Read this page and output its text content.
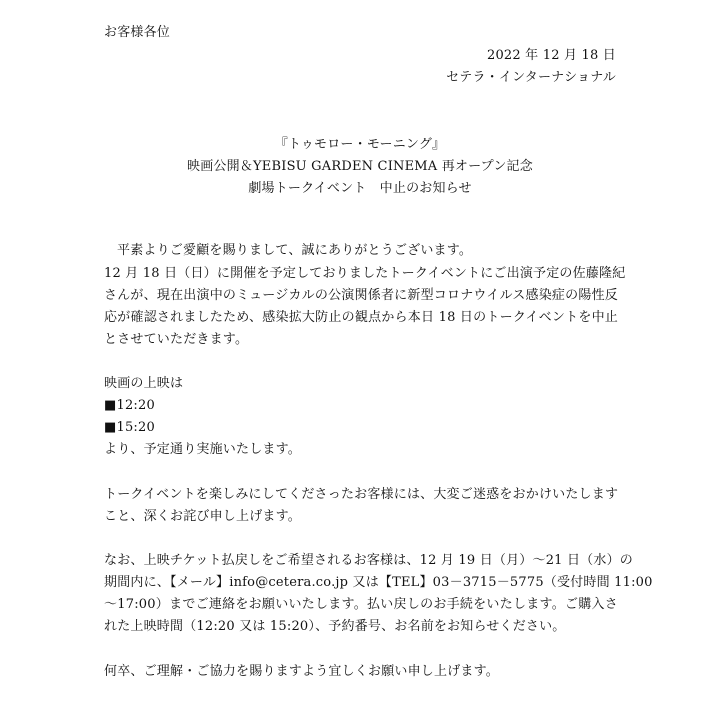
お客様各位
2022 年 12 月 18 日
セテラ・インターナショナル
『トゥモロー・モーニング』
映画公開＆YEBISU GARDEN CINEMA 再オープン記念
劇場トークイベント　中止のお知らせ
平素よりご愛顧を賜りまして、誠にありがとうございます。
12 月 18 日（日）に開催を予定しておりましたトークイベントにご出演予定の佐藤隆紀
さんが、現在出演中のミュージカルの公演関係者に新型コロナウイルス感染症の陽性反
応が確認されましたため、感染拡大防止の観点から本日 18 日のトークイベントを中止
とさせていただきます。
映画の上映は
■12:20
■15:20
より、予定通り実施いたします。
トークイベントを楽しみにしてくださったお客様には、大変ご迷惑をおかけいたします
こと、深くお詫び申し上げます。
なお、上映チケット払戻しをご希望されるお客様は、12 月 19 日（月）～21 日（水）の
期間内に、【メール】info@cetera.co.jp 又は【TEL】03－3715－5775（受付時間 11:00
～17:00）までご連絡をお願いいたします。払い戻しのお手続をいたします。ご購入さ
れた上映時間（12:20 又は 15:20）、予約番号、お名前をお知らせください。
何卒、ご理解・ご協力を賜りますよう宜しくお願い申し上げます。
